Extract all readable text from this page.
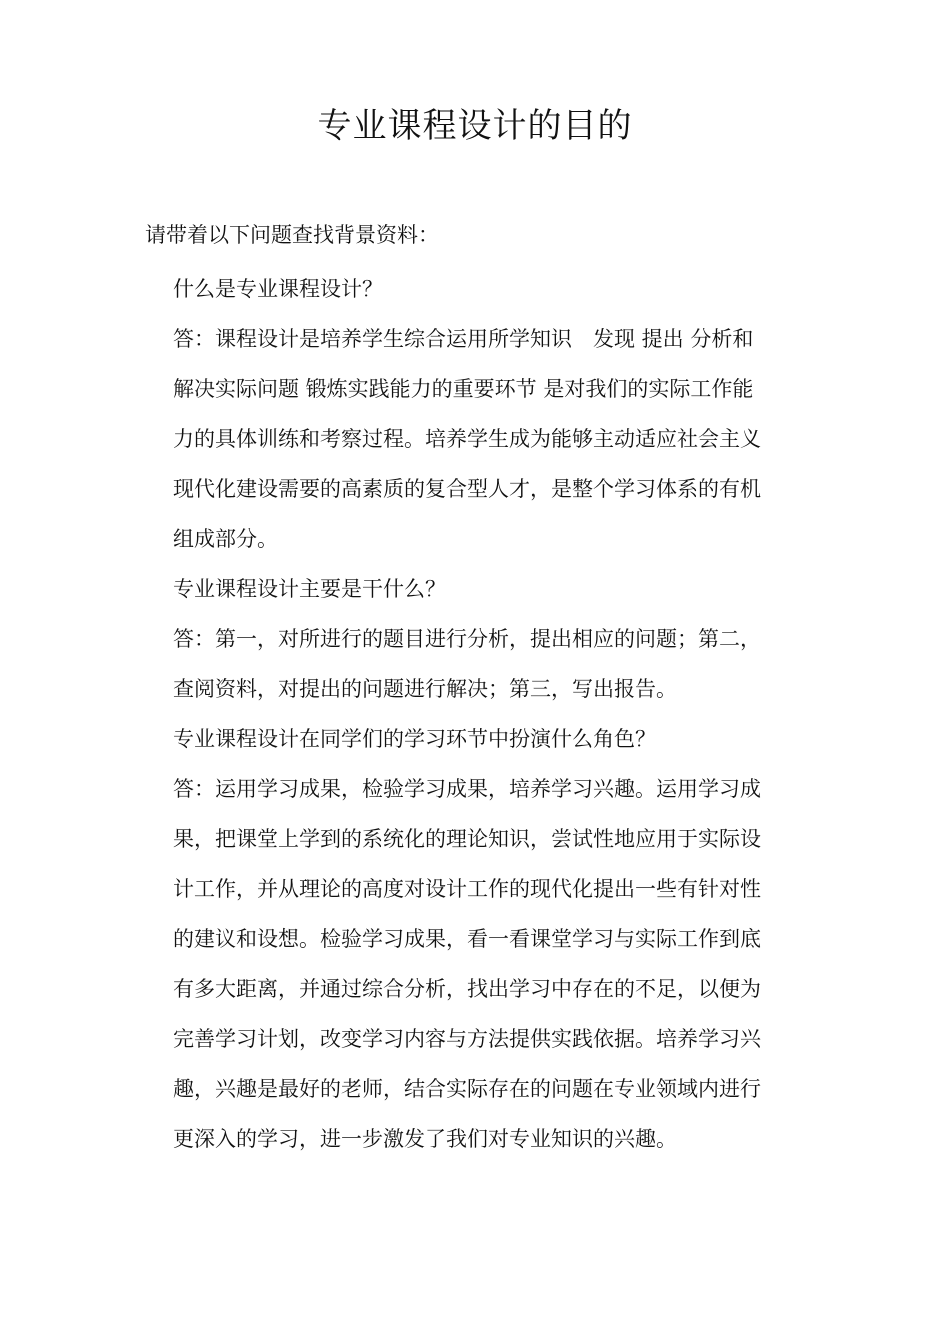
专业课程设计的目的

请带着以下问题查找背景资料：

什么是专业课程设计？

答：课程设计是培养学生综合运用所学知识　发现 提出 分析和

解决实际问题 锻炼实践能力的重要环节 是对我们的实际工作能

力的具体训练和考察过程。培养学生成为能够主动适应社会主义

现代化建设需要的高素质的复合型人才，是整个学习体系的有机

组成部分。

专业课程设计主要是干什么？

答：第一，对所进行的题目进行分析，提出相应的问题；第二，

查阅资料，对提出的问题进行解决；第三，写出报告。

专业课程设计在同学们的学习环节中扮演什么角色？

答：运用学习成果，检验学习成果，培养学习兴趣。运用学习成

果，把课堂上学到的系统化的理论知识，尝试性地应用于实际设

计工作，并从理论的高度对设计工作的现代化提出一些有针对性

的建议和设想。检验学习成果，看一看课堂学习与实际工作到底

有多大距离，并通过综合分析，找出学习中存在的不足，以便为

完善学习计划，改变学习内容与方法提供实践依据。培养学习兴

趣，兴趣是最好的老师，结合实际存在的问题在专业领域内进行

更深入的学习，进一步激发了我们对专业知识的兴趣。
